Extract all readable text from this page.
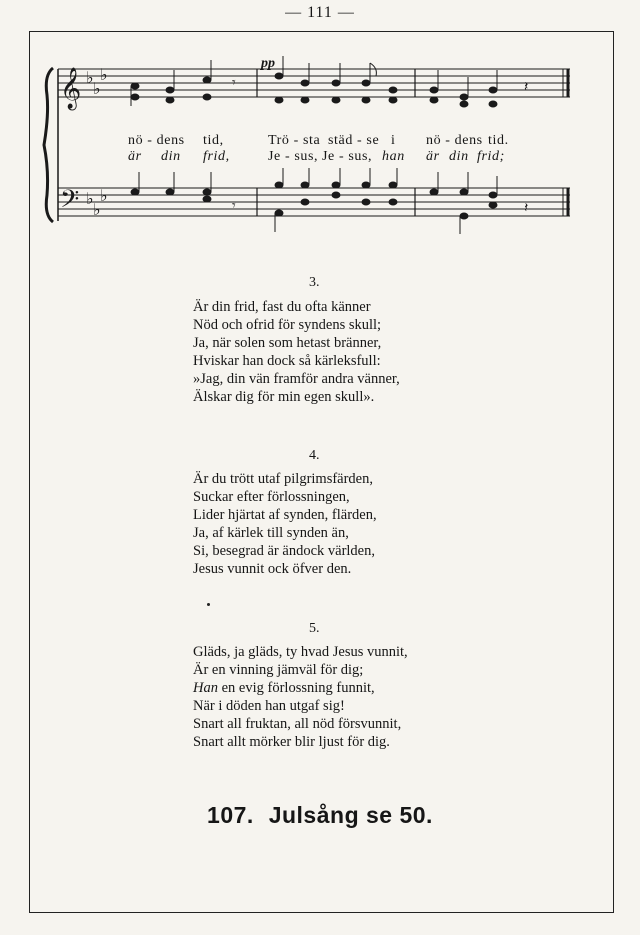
— 111 —
𝄞
𝄢
♭
♭
♭
♭
♭
♭
𝄾	𝄽
𝄾	𝄽
pp
nö - dens tid,	Trö - sta städ - se i nö - dens tid.
är din frid,	Je - sus, Je - sus, han är din frid;
3.
Är din frid, fast du ofta känner
Nöd och ofrid för syndens skull;
Ja, när solen som hetast bränner,
Hviskar han dock så kärleksfull:
»Jag, din vän framför andra vänner,
Älskar dig för min egen skull».
4.
Är du trött utaf pilgrimsfärden,
Suckar efter förlossningen,
Lider hjärtat af synden, flärden,
Ja, af kärlek till synden än,
Si, besegrad är ändock världen,
Jesus vunnit ock öfver den.
5.
Gläds, ja gläds, ty hvad Jesus vunnit,
Är en vinning jämväl för dig;
Han en evig förlossning funnit,
När i döden han utgaf sig!
Snart all fruktan, all nöd försvunnit,
Snart allt mörker blir ljust för dig.
107. Julsång se 50.
